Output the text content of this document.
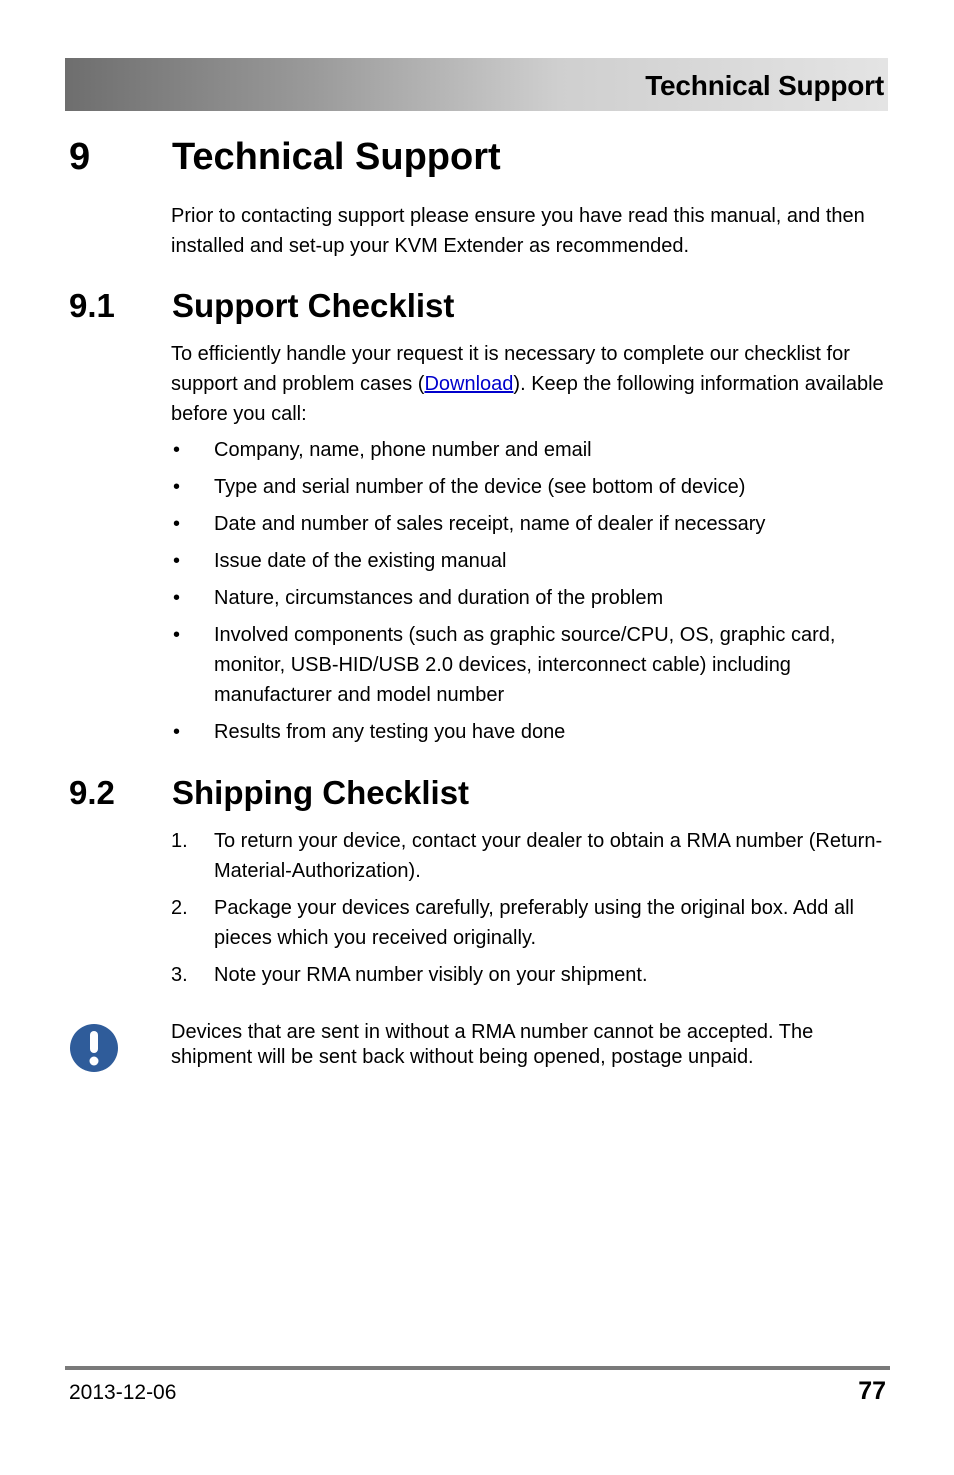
Technical Support
9 Technical Support

Prior to contacting support please ensure you have read this manual, and then installed and set-up your KVM Extender as recommended.

9.1 Support Checklist

To efficiently handle your request it is necessary to complete our checklist for support and problem cases (Download). Keep the following information available before you call:

• Company, name, phone number and email
• Type and serial number of the device (see bottom of device)
• Date and number of sales receipt, name of dealer if necessary
• Issue date of the existing manual
• Nature, circumstances and duration of the problem
• Involved components (such as graphic source/CPU, OS, graphic card, monitor, USB-HID/USB 2.0 devices, interconnect cable) including manufacturer and model number
• Results from any testing you have done
9.2 Shipping Checklist
1. To return your device, contact your dealer to obtain a RMA number (Return-Material-Authorization).
2. Package your devices carefully, preferably using the original box. Add all pieces which you received originally.
3. Note your RMA number visibly on your shipment.

Devices that are sent in without a RMA number cannot be accepted. The shipment will be sent back without being opened, postage unpaid.

2013-12-06	77
